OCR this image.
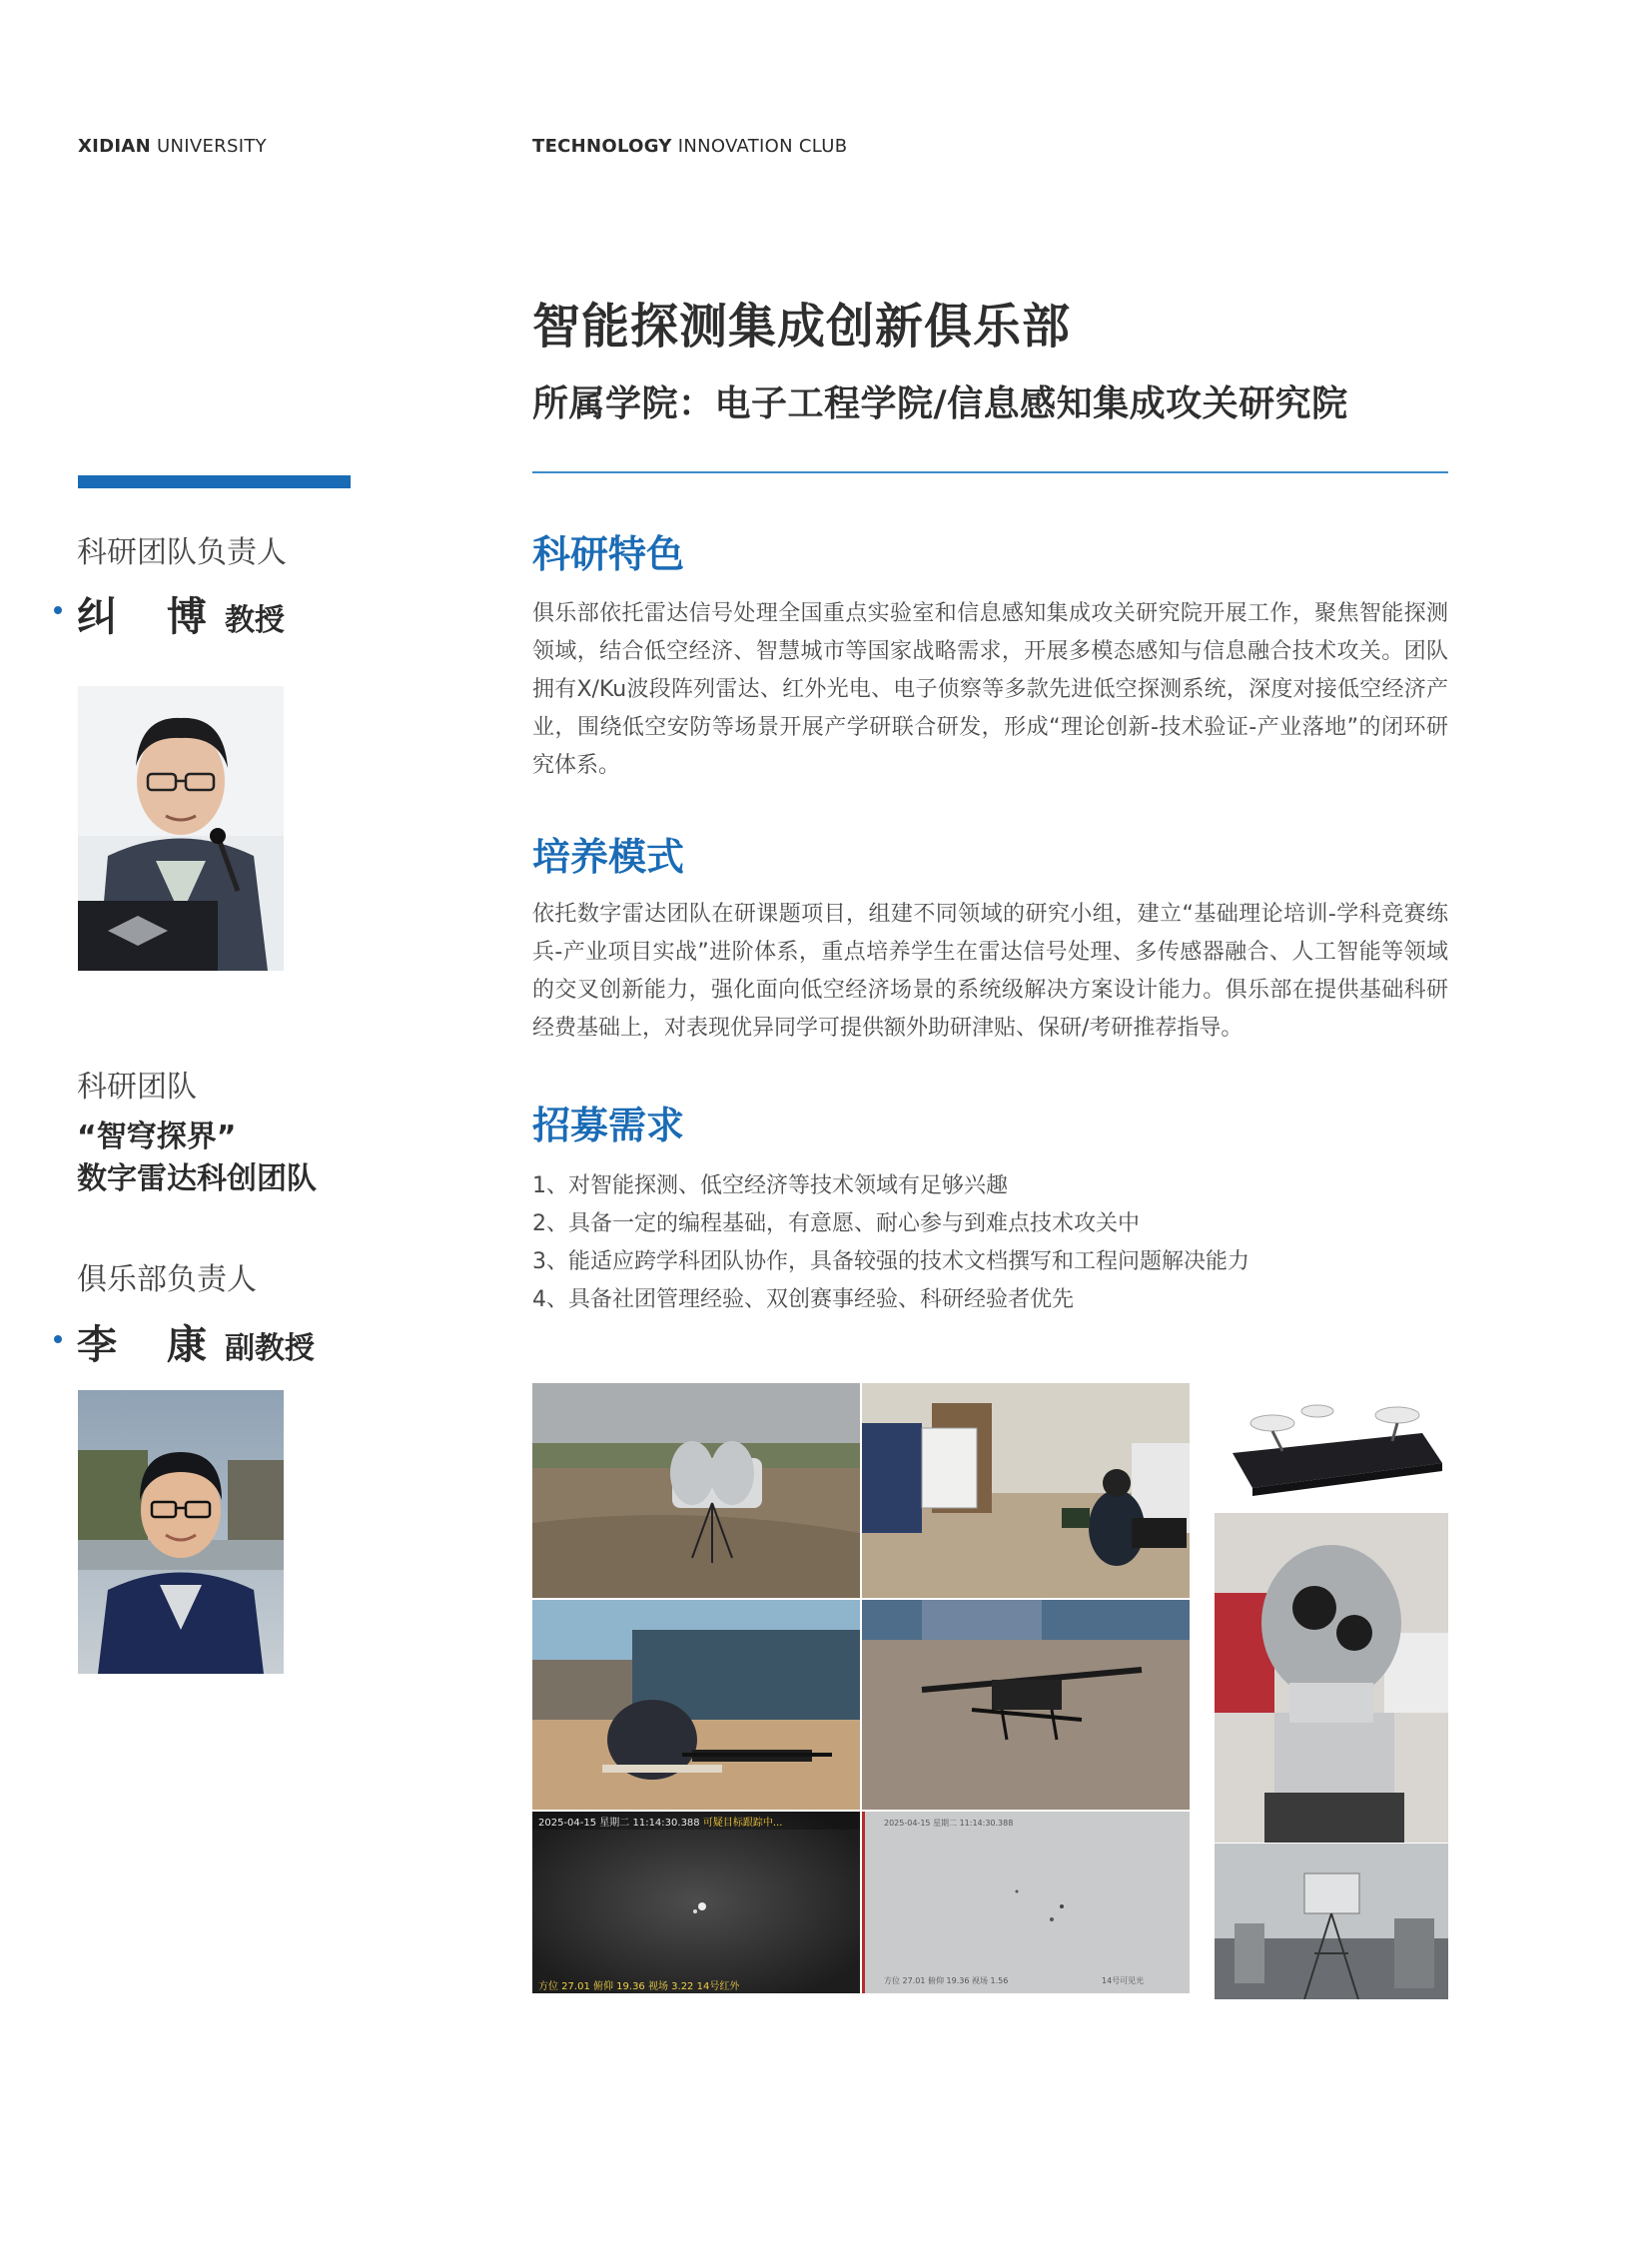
XIDIAN UNIVERSITY	TECHNOLOGY INNOVATION CLUB
智能探测集成创新俱乐部
所属学院：电子工程学院/信息感知集成攻关研究院
科研团队负责人
纠 博教授
科研团队
“智穹探界”
数字雷达科创团队
俱乐部负责人
李 康副教授
科研特色
俱乐部依托雷达信号处理全国重点实验室和信息感知集成攻关研究院开展工作，聚焦智能探测领域，结合低空经济、智慧城市等国家战略需求，开展多模态感知与信息融合技术攻关。团队拥有X/Ku波段阵列雷达、红外光电、电子侦察等多款先进低空探测系统，深度对接低空经济产业，围绕低空安防等场景开展产学研联合研发，形成“理论创新-技术验证-产业落地”的闭环研究体系。
培养模式
依托数字雷达团队在研课题项目，组建不同领域的研究小组，建立“基础理论培训-学科竞赛练兵-产业项目实战”进阶体系，重点培养学生在雷达信号处理、多传感器融合、人工智能等领域的交叉创新能力，强化面向低空经济场景的系统级解决方案设计能力。俱乐部在提供基础科研经费基础上，对表现优异同学可提供额外助研津贴、保研/考研推荐指导。
招募需求
1、对智能探测、低空经济等技术领域有足够兴趣
2、具备一定的编程基础，有意愿、耐心参与到难点技术攻关中
3、能适应跨学科团队协作，具备较强的技术文档撰写和工程问题解决能力
4、具备社团管理经验、双创赛事经验、科研经验者优先
2025-04-15 星期二 11:14:30.388 可疑目标跟踪中...
方位 27.01 俯仰 19.36 视场 3.22 14号红外
2025-04-15 星期二 11:14:30.388
方位 27.01 俯仰 19.36 视场 1.56	14号可见光
